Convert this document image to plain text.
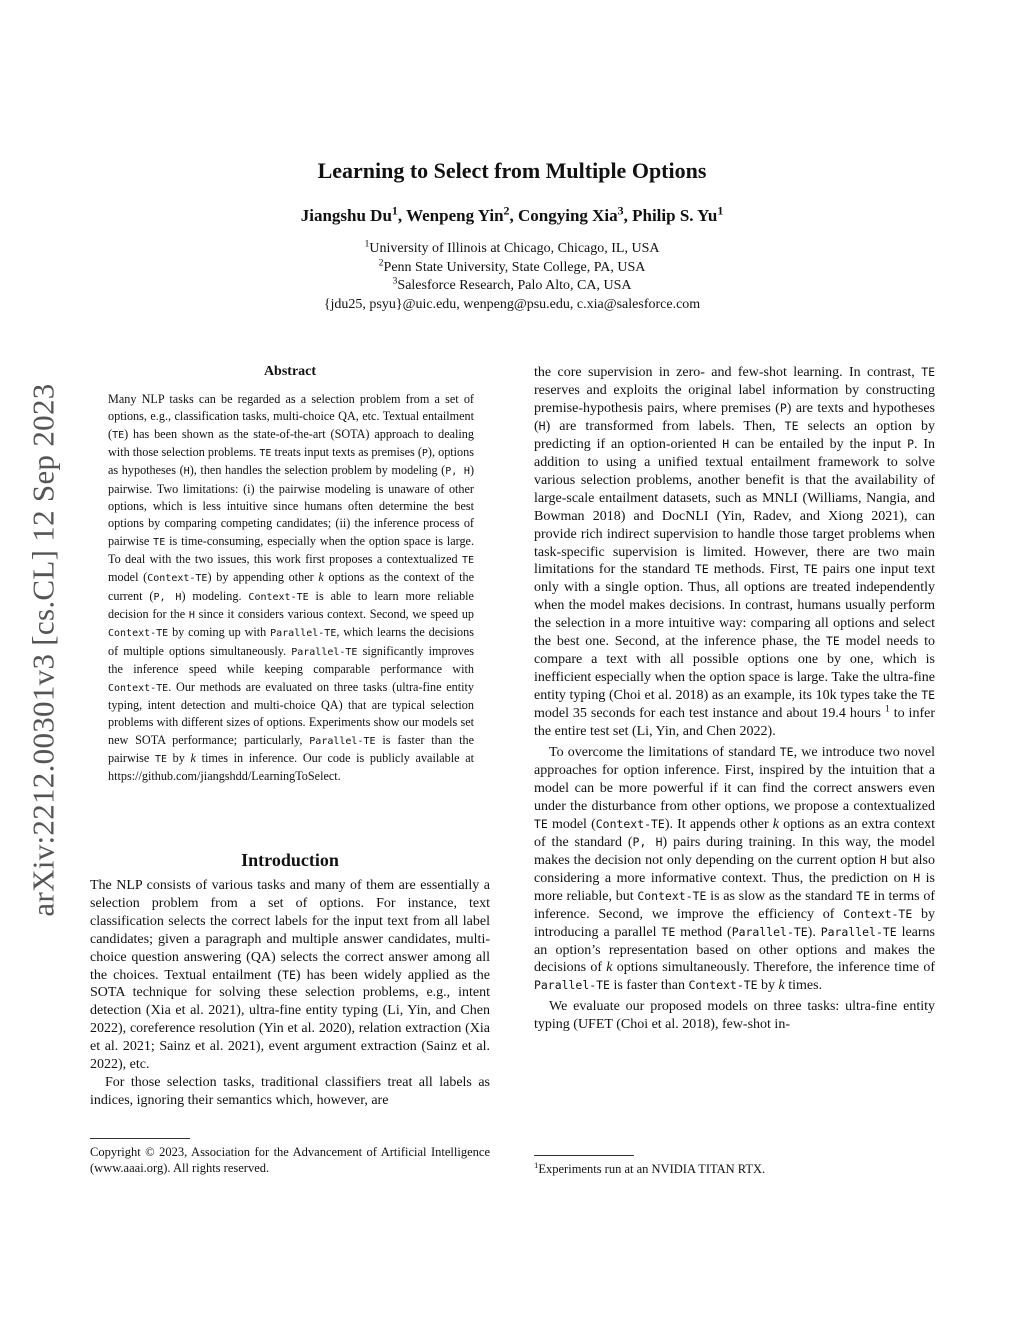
arXiv:2212.00301v3 [cs.CL] 12 Sep 2023
Learning to Select from Multiple Options
Jiangshu Du$^1$, Wenpeng Yin$^2$, Congying Xia$^3$, Philip S. Yu$^1$
$^1$University of Illinois at Chicago, Chicago, IL, USA
$^2$Penn State University, State College, PA, USA
$^3$Salesforce Research, Palo Alto, CA, USA
{jdu25, psyu}@uic.edu, wenpeng@psu.edu, c.xia@salesforce.com
Abstract
Many NLP tasks can be regarded as a selection problem from a set of options, e.g., classification tasks, multi-choice QA, etc. Textual entailment (TE) has been shown as the state-of-the-art (SOTA) approach to dealing with those selection problems. TE treats input texts as premises (P), options as hypotheses (H), then handles the selection problem by modeling (P, H) pairwise. Two limitations: (i) the pairwise modeling is unaware of other options, which is less intuitive since humans often determine the best options by comparing competing candidates; (ii) the inference process of pairwise TE is time-consuming, especially when the option space is large. To deal with the two issues, this work first proposes a contextualized TE model (Context-TE) by appending other k options as the context of the current (P, H) modeling. Context-TE is able to learn more reliable decision for the H since it considers various context. Second, we speed up Context-TE by coming up with Parallel-TE, which learns the decisions of multiple options simultaneously. Parallel-TE significantly improves the inference speed while keeping comparable performance with Context-TE. Our methods are evaluated on three tasks (ultra-fine entity typing, intent detection and multi-choice QA) that are typical selection problems with different sizes of options. Experiments show our models set new SOTA performance; particularly, Parallel-TE is faster than the pairwise TE by k times in inference. Our code is publicly available at https://github.com/jiangshdd/LearningToSelect.
Introduction

The NLP consists of various tasks and many of them are essentially a selection problem from a set of options. For instance, text classification selects the correct labels for the input text from all label candidates; given a paragraph and multiple answer candidates, multi-choice question answering (QA) selects the correct answer among all the choices. Textual entailment (TE) has been widely applied as the SOTA technique for solving these selection problems, e.g., intent detection (Xia et al. 2021), ultra-fine entity typing (Li, Yin, and Chen 2022), coreference resolution (Yin et al. 2020), relation extraction (Xia et al. 2021; Sainz et al. 2021), event argument extraction (Sainz et al. 2022), etc.

For those selection tasks, traditional classifiers treat all labels as indices, ignoring their semantics which, however, are

Copyright © 2023, Association for the Advancement of Artificial Intelligence (www.aaai.org). All rights reserved.

the core supervision in zero- and few-shot learning. In contrast, TE reserves and exploits the original label information by constructing premise-hypothesis pairs, where premises (P) are texts and hypotheses (H) are transformed from labels. Then, TE selects an option by predicting if an option-oriented H can be entailed by the input P. In addition to using a unified textual entailment framework to solve various selection problems, another benefit is that the availability of large-scale entailment datasets, such as MNLI (Williams, Nangia, and Bowman 2018) and DocNLI (Yin, Radev, and Xiong 2021), can provide rich indirect supervision to handle those target problems when task-specific supervision is limited. However, there are two main limitations for the standard TE methods. First, TE pairs one input text only with a single option. Thus, all options are treated independently when the model makes decisions. In contrast, humans usually perform the selection in a more intuitive way: comparing all options and select the best one. Second, at the inference phase, the TE model needs to compare a text with all possible options one by one, which is inefficient especially when the option space is large. Take the ultra-fine entity typing (Choi et al. 2018) as an example, its 10k types take the TE model 35 seconds for each test instance and about 19.4 hours $^1$ to infer the entire test set (Li, Yin, and Chen 2022).

To overcome the limitations of standard TE, we introduce two novel approaches for option inference. First, inspired by the intuition that a model can be more powerful if it can find the correct answers even under the disturbance from other options, we propose a contextualized TE model (Context-TE). It appends other k options as an extra context of the standard (P, H) pairs during training. In this way, the model makes the decision not only depending on the current option H but also considering a more informative context. Thus, the prediction on H is more reliable, but Context-TE is as slow as the standard TE in terms of inference. Second, we improve the efficiency of Context-TE by introducing a parallel TE method (Parallel-TE). Parallel-TE learns an option’s representation based on other options and makes the decisions of k options simultaneously. Therefore, the inference time of Parallel-TE is faster than Context-TE by k times.

We evaluate our proposed models on three tasks: ultra-fine entity typing (UFET (Choi et al. 2018), few-shot in-

$^1$Experiments run at an NVIDIA TITAN RTX.
